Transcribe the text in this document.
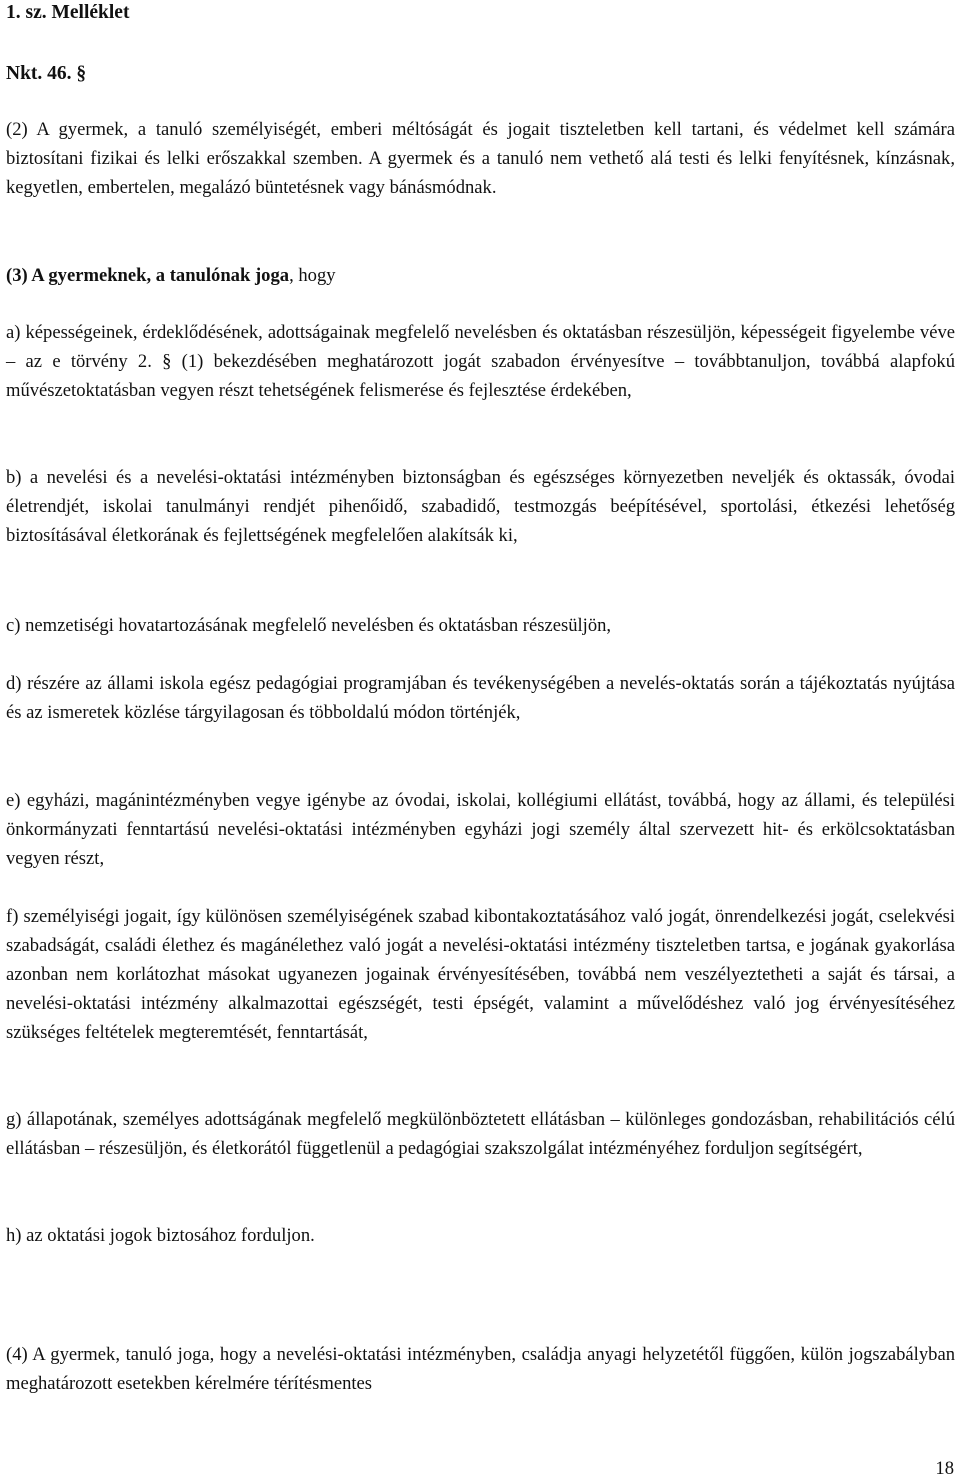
1. sz. Melléklet

Nkt. 46. §

(2) A gyermek, a tanuló személyiségét, emberi méltóságát és jogait tiszteletben kell tartani, és védelmet kell számára biztosítani fizikai és lelki erőszakkal szemben. A gyermek és a tanuló nem vethető alá testi és lelki fenyítésnek, kínzásnak, kegyetlen, embertelen, megalázó büntetésnek vagy bánásmódnak.

(3) A gyermeknek, a tanulónak joga, hogy

a) képességeinek, érdeklődésének, adottságainak megfelelő nevelésben és oktatásban részesüljön, képességeit figyelembe véve – az e törvény 2. § (1) bekezdésében meghatározott jogát szabadon érvényesítve – továbbtanuljon, továbbá alapfokú művészetoktatásban vegyen részt tehetségének felismerése és fejlesztése érdekében,

b) a nevelési és a nevelési-oktatási intézményben biztonságban és egészséges környezetben neveljék és oktassák, óvodai életrendjét, iskolai tanulmányi rendjét pihenőidő, szabadidő, testmozgás beépítésével, sportolási, étkezési lehetőség biztosításával életkorának és fejlettségének megfelelően alakítsák ki,

c) nemzetiségi hovatartozásának megfelelő nevelésben és oktatásban részesüljön,

d) részére az állami iskola egész pedagógiai programjában és tevékenységében a nevelés-oktatás során a tájékoztatás nyújtása és az ismeretek közlése tárgyilagosan és többoldalú módon történjék,

e) egyházi, magánintézményben vegye igénybe az óvodai, iskolai, kollégiumi ellátást, továbbá, hogy az állami, és települési önkormányzati fenntartású nevelési-oktatási intézményben egyházi jogi személy által szervezett hit- és erkölcsoktatásban vegyen részt,

f) személyiségi jogait, így különösen személyiségének szabad kibontakoztatásához való jogát, önrendelkezési jogát, cselekvési szabadságát, családi élethez és magánélethez való jogát a nevelési-oktatási intézmény tiszteletben tartsa, e jogának gyakorlása azonban nem korlátozhat másokat ugyanezen jogainak érvényesítésében, továbbá nem veszélyeztetheti a saját és társai, a nevelési-oktatási intézmény alkalmazottai egészségét, testi épségét, valamint a művelődéshez való jog érvényesítéséhez szükséges feltételek megteremtését, fenntartását,

g) állapotának, személyes adottságának megfelelő megkülönböztetett ellátásban – különleges gondozásban, rehabilitációs célú ellátásban – részesüljön, és életkorától függetlenül a pedagógiai szakszolgálat intézményéhez forduljon segítségért,

h) az oktatási jogok biztosához forduljon.

(4) A gyermek, tanuló joga, hogy a nevelési-oktatási intézményben, családja anyagi helyzetétől függően, külön jogszabályban meghatározott esetekben kérelmére térítésmentes

18
